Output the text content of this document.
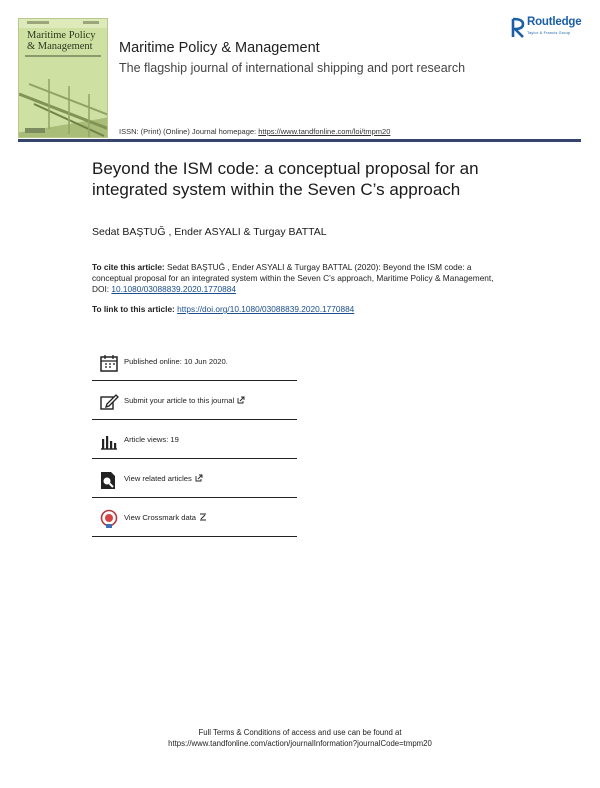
Maritime Policy
& Management Maritime Policy & Management
The flagship journal of international shipping and port research
ISSN: (Print) (Online) Journal homepage: https://www.tandfonline.com/loi/tmpm20
Routledge
Taylor & Francis Group
Beyond the ISM code: a conceptual proposal for an integrated system within the Seven C’s approach
Sedat BAŞTUĞ , Ender ASYALI & Turgay BATTAL
To cite this article: Sedat BAŞTUĞ , Ender ASYALI & Turgay BATTAL (2020): Beyond the ISM code: a conceptual proposal for an integrated system within the Seven C’s approach, Maritime Policy & Management, DOI: 10.1080/03088839.2020.1770884
To link to this article: https://doi.org/10.1080/03088839.2020.1770884
Published online: 10 Jun 2020.
Submit your article to this journal
Article views: 19
View related articles
View Crossmark data
Full Terms & Conditions of access and use can be found at
https://www.tandfonline.com/action/journalInformation?journalCode=tmpm20
